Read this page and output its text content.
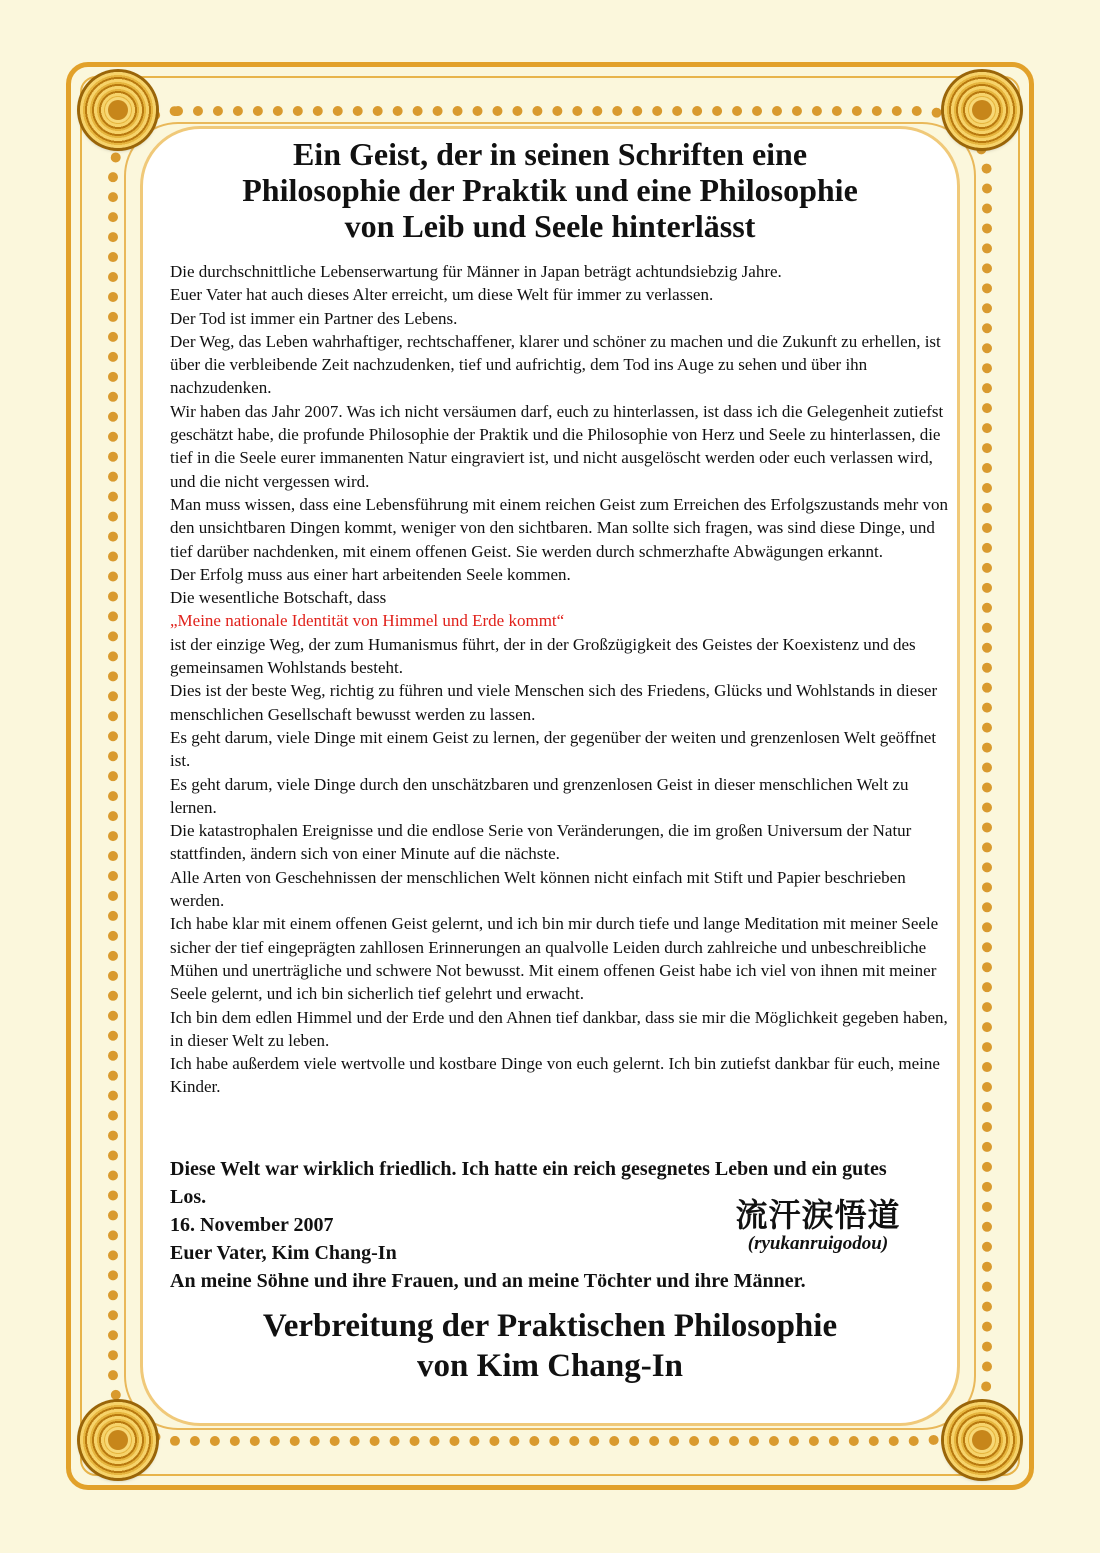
Ein Geist, der in seinen Schriften eine
Philosophie der Praktik und eine Philosophie
von Leib und Seele hinterlässt

Die durchschnittliche Lebenserwartung für Männer in Japan beträgt achtundsiebzig Jahre.

Euer Vater hat auch dieses Alter erreicht, um diese Welt für immer zu verlassen.

Der Tod ist immer ein Partner des Lebens.

Der Weg, das Leben wahrhaftiger, rechtschaffener, klarer und schöner zu machen und die Zukunft zu erhellen, ist über die verbleibende Zeit nachzudenken, tief und aufrichtig, dem Tod ins Auge zu sehen und über ihn nachzudenken.

Wir haben das Jahr 2007. Was ich nicht versäumen darf, euch zu hinterlassen, ist dass ich die Gelegenheit zutiefst geschätzt habe, die profunde Philosophie der Praktik und die Philosophie von Herz und Seele zu hinterlassen, die tief in die Seele eurer immanenten Natur eingraviert ist, und nicht ausgelöscht werden oder euch verlassen wird, und die nicht vergessen wird.

Man muss wissen, dass eine Lebensführung mit einem reichen Geist zum Erreichen des Erfolgszustands mehr von den unsichtbaren Dingen kommt, weniger von den sichtbaren. Man sollte sich fragen, was sind diese Dinge, und tief darüber nachdenken, mit einem offenen Geist. Sie werden durch schmerzhafte Abwägungen erkannt.

Der Erfolg muss aus einer hart arbeitenden Seele kommen.

Die wesentliche Botschaft, dass

„Meine nationale Identität von Himmel und Erde kommt“

ist der einzige Weg, der zum Humanismus führt, der in der Großzügigkeit des Geistes der Koexistenz und des gemeinsamen Wohlstands besteht.

Dies ist der beste Weg, richtig zu führen und viele Menschen sich des Friedens, Glücks und Wohlstands in dieser menschlichen Gesellschaft bewusst werden zu lassen.

Es geht darum, viele Dinge mit einem Geist zu lernen, der gegenüber der weiten und grenzenlosen Welt geöffnet ist.

Es geht darum, viele Dinge durch den unschätzbaren und grenzenlosen Geist in dieser menschlichen Welt zu lernen.

Die katastrophalen Ereignisse und die endlose Serie von Veränderungen, die im großen Universum der Natur stattfinden, ändern sich von einer Minute auf die nächste.

Alle Arten von Geschehnissen der menschlichen Welt können nicht einfach mit Stift und Papier beschrieben werden.

Ich habe klar mit einem offenen Geist gelernt, und ich bin mir durch tiefe und lange Meditation mit meiner Seele sicher der tief eingeprägten zahllosen Erinnerungen an qualvolle Leiden durch zahlreiche und unbeschreibliche Mühen und unerträgliche und schwere Not bewusst. Mit einem offenen Geist habe ich viel von ihnen mit meiner Seele gelernt, und ich bin sicherlich tief gelehrt und erwacht.

Ich bin dem edlen Himmel und der Erde und den Ahnen tief dankbar, dass sie mir die Möglichkeit gegeben haben, in dieser Welt zu leben.

Ich habe außerdem viele wertvolle und kostbare Dinge von euch gelernt. Ich bin zutiefst dankbar für euch, meine Kinder.

Diese Welt war wirklich friedlich. Ich hatte ein reich gesegnetes Leben und ein gutes Los.

16. November 2007

Euer Vater, Kim Chang-In

An meine Söhne und ihre Frauen, und an meine Töchter und ihre Männer.

流汗涙悟道
(ryukanruigodou)
Verbreitung der Praktischen Philosophie
von Kim Chang-In
